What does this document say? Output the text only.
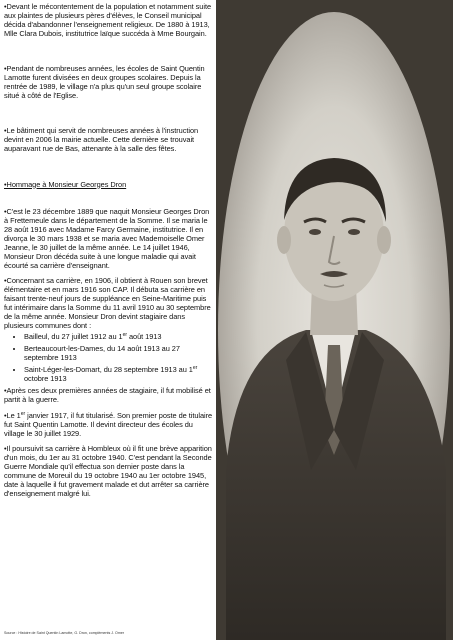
•Devant le mécontentement de la population et notamment suite aux plaintes de plusieurs pères d'élèves, le Conseil municipal décida d'abandonner l'enseignement religieux. De 1880 à 1913, Mlle Clara Dubois, institutrice laïque succéda à Mme Bourgain.

•Pendant de nombreuses années, les écoles de Saint Quentin Lamotte furent divisées en deux groupes scolaires. Depuis la rentrée de 1989, le village n'a plus qu'un seul groupe scolaire situé à côté de l'Eglise.

•Le bâtiment qui servit de nombreuses années à l'instruction devint en 2006 la mairie actuelle. Cette dernière se trouvait auparavant rue de Bas, attenante à la salle des fêtes.

•Hommage à Monsieur Georges Dron

•C'est le 23 décembre 1889 que naquit Monsieur Georges Dron à Frettemeule dans le département de la Somme. Il se maria le 28 août 1916 avec Madame Farcy Germaine, institutrice. Il en divorça le 30 mars 1938 et se maria avec Mademoiselle Omer Jeanne, le 30 juillet de la même année. Le 14 juillet 1946, Monsieur Dron décéda suite à une longue maladie qui avait écourté sa carrière d'enseignant.

•Concernant sa carrière, en 1906, il obtient à Rouen son brevet élémentaire et en mars 1916 son CAP. Il débuta sa carrière en faisant trente-neuf jours de suppléance en Seine-Maritime puis fut intérimaire dans la Somme du 11 avril 1910 au 30 septembre de la même année. Monsieur Dron devint stagiaire dans plusieurs communes dont :

• Bailleul, du 27 juillet 1912 au 1er août 1913
• Berteaucourt-les-Dames, du 14 août 1913 au 27 septembre 1913
• Saint-Léger-les-Domart, du 28 septembre 1913 au 1er octobre 1913

•Après ces deux premières années de stagiaire, il fut mobilisé et partit à la guerre.

•Le 1er janvier 1917, il fut titularisé. Son premier poste de titulaire fut Saint Quentin Lamotte. Il devint directeur des écoles du village le 30 juillet 1929.

•Il poursuivit sa carrière à Hombleux où il fit une brève apparition d'un mois, du 1er au 31 octobre 1940. C'est pendant la Seconde Guerre Mondiale qu'il effectua son dernier poste dans la commune de Moreuil du 19 octobre 1940 au 1er octobre 1945, date à laquelle il fut gravement malade et dut arrêter sa carrière d'enseignement malgré lui.

Source : Histoire de Saint Quentin Lamotte, G. Dron, compléments J. Omer
